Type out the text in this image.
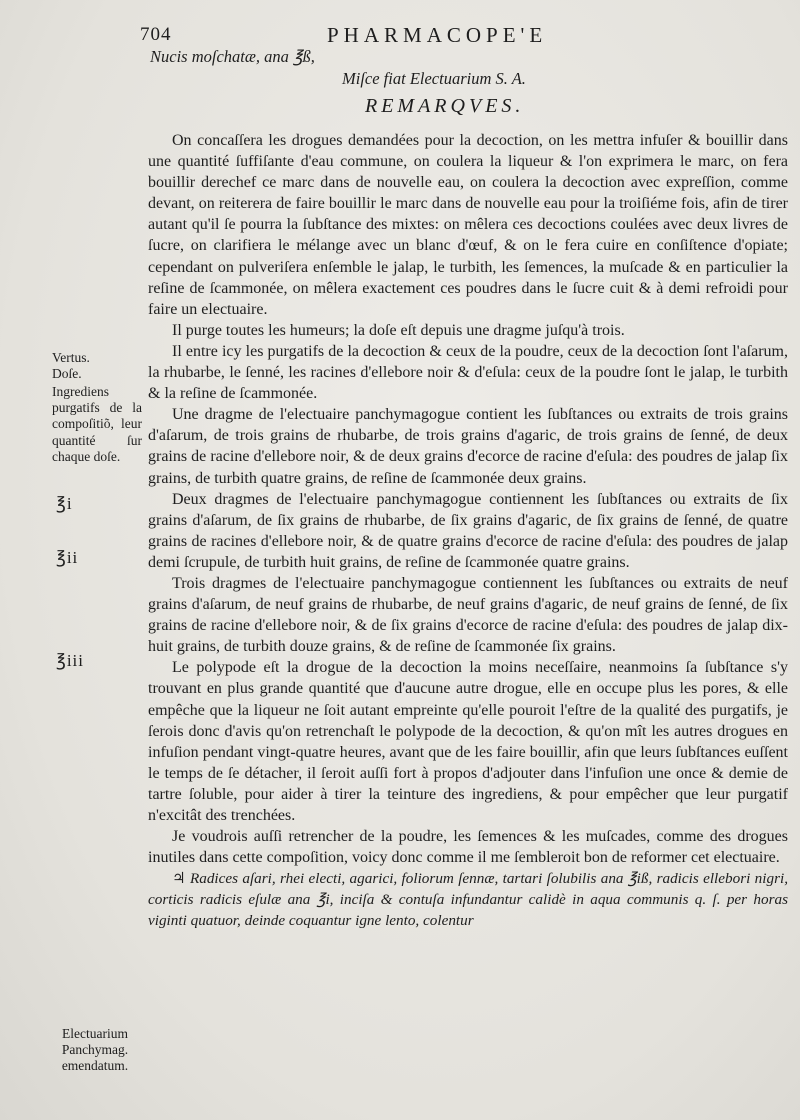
704	PHARMACOPE'E
Nucis moſchatæ, ana ℥ß,
Miſce fiat Electuarium S. A.
REMARQVES.

On concaſſera les drogues demandées pour la decoction, on les mettra infuſer & bouillir dans une quantité ſuffiſante d'eau commune, on coulera la liqueur & l'on exprimera le marc, on fera bouillir derechef ce marc dans de nouvelle eau, on coulera la decoction avec expreſſion, comme devant, on reiterera de faire bouillir le marc dans de nouvelle eau pour la troiſiéme fois, afin de tirer autant qu'il ſe pourra la ſubſtance des mixtes: on mêlera ces decoctions coulées avec deux livres de ſucre, on clarifiera le mélange avec un blanc d'œuf, & on le fera cuire en conſiſtence d'opiate; cependant on pulveriſera enſemble le jalap, le turbith, les ſemences, la muſcade & en particulier la reſine de ſcammonée, on mêlera exactement ces poudres dans le ſucre cuit & à demi refroidi pour faire un electuaire.

Il purge toutes les humeurs; la doſe eſt depuis une dragme juſqu'à trois.

Il entre icy les purgatifs de la decoction & ceux de la poudre, ceux de la decoction ſont l'aſarum, la rhubarbe, le ſenné, les racines d'ellebore noir & d'eſula: ceux de la poudre ſont le jalap, le turbith & la reſine de ſcammonée.

Une dragme de l'electuaire panchymagogue contient les ſubſtances ou extraits de trois grains d'aſarum, de trois grains de rhubarbe, de trois grains d'agaric, de trois grains de ſenné, de deux grains de racine d'ellebore noir, & de deux grains d'ecorce de racine d'eſula: des poudres de jalap ſix grains, de turbith quatre grains, de reſine de ſcammonée deux grains.

Deux dragmes de l'electuaire panchymagogue contiennent les ſubſtances ou extraits de ſix grains d'aſarum, de ſix grains de rhubarbe, de ſix grains d'agaric, de ſix grains de ſenné, de quatre grains de racines d'ellebore noir, & de quatre grains d'ecorce de racine d'eſula: des poudres de jalap demi ſcrupule, de turbith huit grains, de reſine de ſcammonée quatre grains.

Trois dragmes de l'electuaire panchymagogue contiennent les ſubſtances ou extraits de neuf grains d'aſarum, de neuf grains de rhubarbe, de neuf grains d'agaric, de neuf grains de ſenné, de ſix grains de racine d'ellebore noir, & de ſix grains d'ecorce de racine d'eſula: des poudres de jalap dix-huit grains, de turbith douze grains, & de reſine de ſcammonée ſix grains.

Le polypode eſt la drogue de la decoction la moins neceſſaire, neanmoins ſa ſubſtance s'y trouvant en plus grande quantité que d'aucune autre drogue, elle en occupe plus les pores, & elle empêche que la liqueur ne ſoit autant empreinte qu'elle pouroit l'eſtre de la qualité des purgatifs, je ſerois donc d'avis qu'on retrenchaſt le polypode de la decoction, & qu'on mît les autres drogues en infuſion pendant vingt-quatre heures, avant que de les faire bouillir, afin que leurs ſubſtances euſſent le temps de ſe détacher, il ſeroit auſſi fort à propos d'adjouter dans l'infuſion une once & demie de tartre ſoluble, pour aider à tirer la teinture des ingrediens, & pour empêcher que leur purgatif n'excitât des trenchées.

Je voudrois auſſi retrencher de la poudre, les ſemences & les muſcades, comme des drogues inutiles dans cette compoſition, voicy donc comme il me ſembleroit bon de reformer cet electuaire.

♃ Radices aſari, rhei electi, agarici, foliorum ſennæ, tartari ſolubilis ana ℥iß, radicis ellebori nigri, corticis radicis eſulæ ana ℥i, inciſa & contuſa infundantur calidè in aqua communis q. ſ. per horas viginti quatuor, deinde coquantur igne lento, colentur

Vertus.
Doſe.
Ingrediens purgatifs de la compoſitiõ, leur quantité ſur chaque doſe.
℥i
℥ii
℥iii
Electuarium Panchymag. emendatum.
